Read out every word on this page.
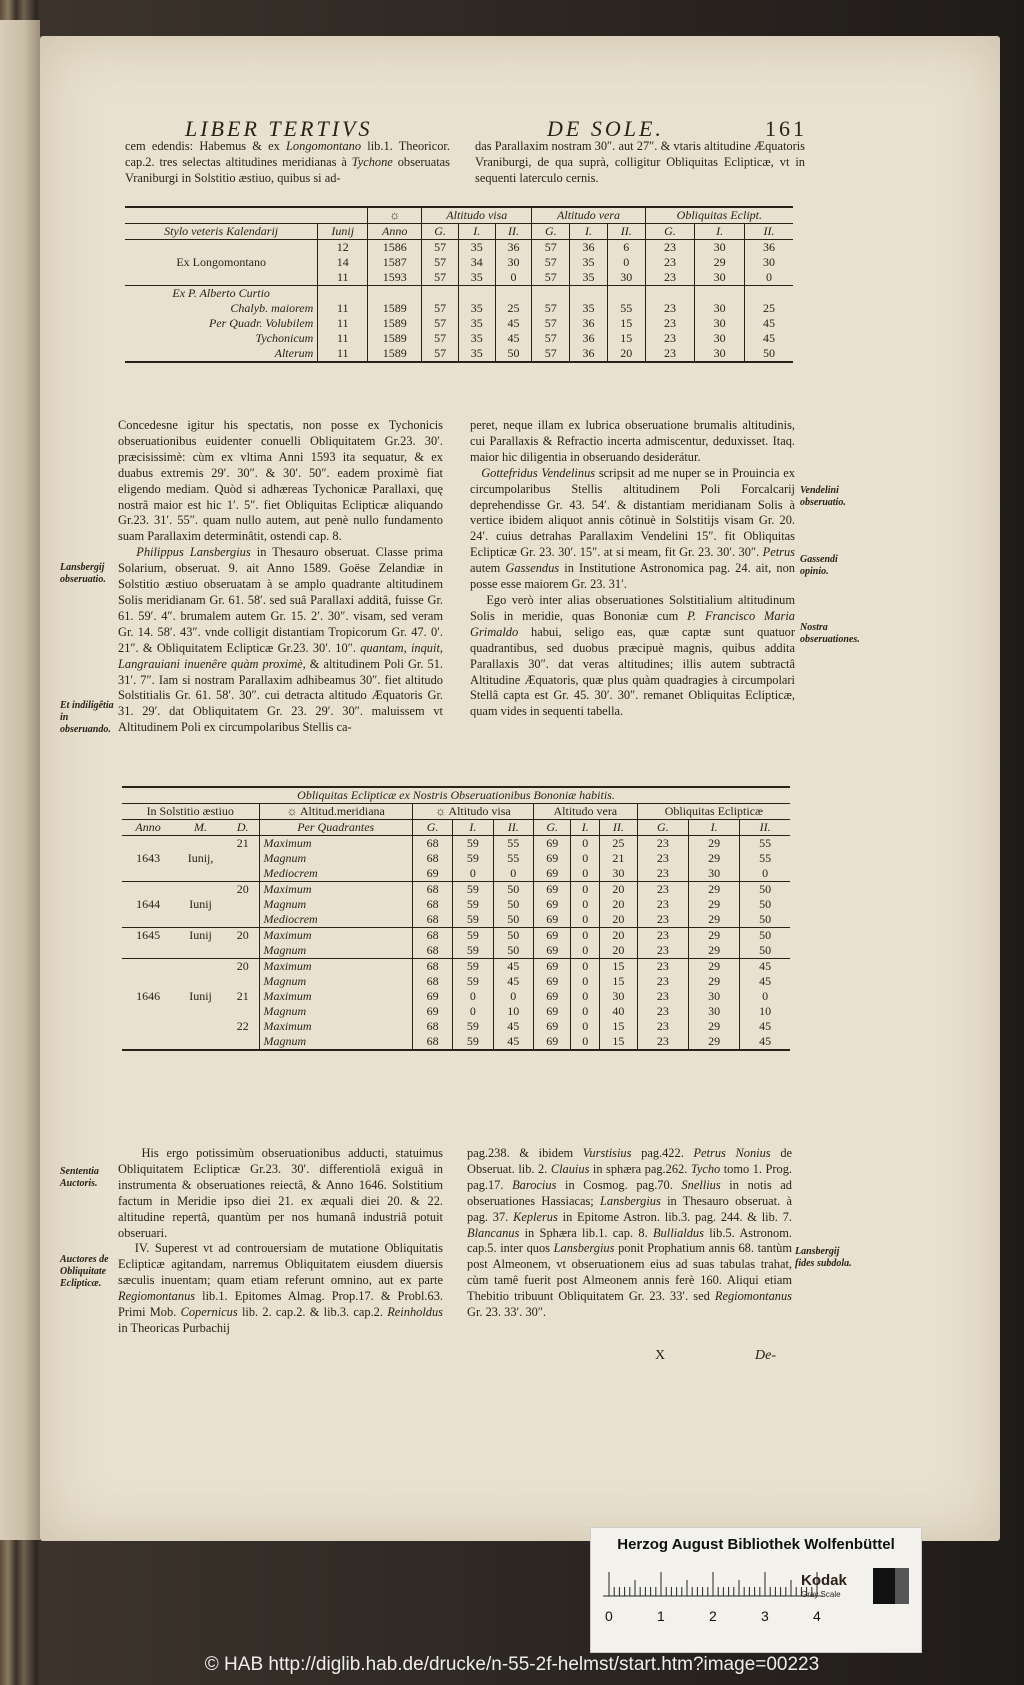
LIBER TERTIVS	DE SOLE.	161
cem edendis: Habemus & ex Longomontano lib.1. Theoricor. cap.2. tres selectas altitudines meridianas à Tychone obseruatas Vraniburgi in Solstitio æstiuo, quibus si ad-
das Parallaxim nostram 30″. aut 27″. & vtaris altitudine Æquatoris Vraniburgi, de qua suprà, colligitur Obliquitas Eclipticæ, vt in sequenti laterculo cernis.
		☼	Altitudo visa			Altitudo vera			Obliquitas Eclipt.		
Stylo veteris Kalendarij	Iunij	Anno	G.	I.	II.	G.	I.	II.	G.	I.	II.
	12	1586	57	35	36	57	36	6	23	30	36
Ex Longomontano	14	1587	57	34	30	57	35	0	23	29	30
	11	1593	57	35	0	57	35	30	23	30	0
Ex P. Alberto Curtio											
Chalyb. maiorem	11	1589	57	35	25	57	35	55	23	30	25
Per Quadr. Volubilem	11	1589	57	35	45	57	36	15	23	30	45
Tychonicum	11	1589	57	35	45	57	36	15	23	30	45
Alterum	11	1589	57	35	50	57	36	20	23	30	50
Concedesne igitur his spectatis, non posse ex Tychonicis obseruationibus euidenter conuelli Obliquitatem Gr.23. 30′. præcisissimè: cùm ex vltima Anni 1593 ita sequatur, & ex duabus extremis 29′. 30″. & 30′. 50″. eadem proximè fiat eligendo mediam. Quòd si adhæreas Tychonicæ Parallaxi, quę nostrâ maior est hic 1′. 5″. fiet Obliquitas Eclipticæ aliquando Gr.23. 31′. 55″. quam nullo autem, aut penè nullo fundamento suam Parallaxim determinâtit, ostendi cap. 8.
Philippus Lansbergius in Thesauro obseruat. Classe prima Solarium, obseruat. 9. ait Anno 1589. Goëse Zelandiæ in Solstitio æstiuo obseruatam à se amplo quadrante altitudinem Solis meridianam Gr. 61. 58′. sed suâ Parallaxi additâ, fuisse Gr. 61. 59′. 4″. brumalem autem Gr. 15. 2′. 30″. visam, sed veram Gr. 14. 58′. 43″. vnde colligit distantiam Tropicorum Gr. 47. 0′. 21″. & Obliquitatem Eclipticæ Gr.23. 30′. 10″. quantam, inquit, Langrauiani inuenêre quàm proximè, & altitudinem Poli Gr. 51. 31′. 7″. Iam si nostram Parallaxim adhibeamus 30″. fiet altitudo Solstitialis Gr. 61. 58′. 30″. cui detracta altitudo Æquatoris Gr. 31. 29′. dat Obliquitatem Gr. 23. 29′. 30″. maluissem vt Altitudinem Poli ex circumpolaribus Stellis ca-
peret, neque illam ex lubrica obseruatione brumalis altitudinis, cui Parallaxis & Refractio incerta admiscentur, deduxisset. Itaq. maior hic diligentia in obseruando desiderátur.
Gottefridus Vendelinus scripsit ad me nuper se in Prouincia ex circumpolaribus Stellis altitudinem Poli Forcalcarij deprehendisse Gr. 43. 54′. & distantiam meridianam Solis à vertice ibidem aliquot annis côtinuè in Solstitijs visam Gr. 20. 24′. cuius detrahas Parallaxim Vendelini 15″. fit Obliquitas Eclipticæ Gr. 23. 30′. 15″. at si meam, fit Gr. 23. 30′. 30″. Petrus autem Gassendus in Institutione Astronomica pag. 24. ait, non posse esse maiorem Gr. 23. 31′.
Ego verò inter alias obseruationes Solstitialium altitudinum Solis in meridie, quas Bononiæ cum P. Francisco Maria Grimaldo habui, seligo eas, quæ captæ sunt quatuor quadrantibus, sed duobus præcipuè magnis, quibus addita Parallaxis 30″. dat veras altitudines; illis autem subtractâ Altitudine Æquatoris, quæ plus quàm quadragies à circumpolari Stellâ capta est Gr. 45. 30′. 30″. remanet Obliquitas Eclipticæ, quam vides in sequenti tabella.
Lansbergij obseruatio.
Et indiligêtia in obseruando.
Vendelini obseruatio.
Gassendi opinio.
Nostra obseruationes.
Sententia Auctoris.
Auctores de Obliquitate Eclipticæ.
Lansbergij fides subdola.
Obliquitas Eclipticæ ex Nostris Obseruationibus Bononiæ habitis.												
In Solstitio æstiuo			☼ Altitud.meridiana	☼ Altitudo visa			Altitudo vera			Obliquitas Eclipticæ		
Anno	M.	D.	Per Quadrantes	G.	I.	II.	G.	I.	II.	G.	I.	II.
		21	Maximum	68	59	55	69	0	25	23	29	55
1643	Iunij,		Magnum	68	59	55	69	0	21	23	29	55
			Mediocrem	69	0	0	69	0	30	23	30	0
		20	Maximum	68	59	50	69	0	20	23	29	50
1644	Iunij		Magnum	68	59	50	69	0	20	23	29	50
			Mediocrem	68	59	50	69	0	20	23	29	50
1645	Iunij	20	Maximum	68	59	50	69	0	20	23	29	50
			Magnum	68	59	50	69	0	20	23	29	50
		20	Maximum	68	59	45	69	0	15	23	29	45
			Magnum	68	59	45	69	0	15	23	29	45
1646	Iunij	21	Maximum	69	0	0	69	0	30	23	30	0
			Magnum	69	0	10	69	0	40	23	30	10
		22	Maximum	68	59	45	69	0	15	23	29	45
			Magnum	68	59	45	69	0	15	23	29	45
His ergo potissimùm obseruationibus adducti, statuimus Obliquitatem Eclipticæ Gr.23. 30′. differentiolâ exiguâ in instrumenta & obseruationes reiectâ, & Anno 1646. Solstitium factum in Meridie ipso diei 21. ex æquali diei 20. & 22. altitudine repertâ, quantùm per nos humanâ industriâ potuit obseruari.
IV. Superest vt ad controuersiam de mutatione Obliquitatis Eclipticæ agitandam, narremus Obliquitatem eiusdem diuersis sæculis inuentam; quam etiam referunt omnino, aut ex parte Regiomontanus lib.1. Epitomes Almag. Prop.17. & Probl.63. Primi Mob. Copernicus lib. 2. cap.2. & lib.3. cap.2. Reinholdus in Theoricas Purbachij
pag.238. & ibidem Vurstisius pag.422. Petrus Nonius de Obseruat. lib. 2. Clauius in sphæra pag.262. Tycho tomo 1. Prog. pag.17. Barocius in Cosmog. pag.70. Snellius in notis ad obseruationes Hassiacas; Lansbergius in Thesauro obseruat. à pag. 37. Keplerus in Epitome Astron. lib.3. pag. 244. & lib. 7. Blancanus in Sphæra lib.1. cap. 8. Bullialdus lib.5. Astronom. cap.5. inter quos Lansbergius ponit Prophatium annis 68. tantùm post Almeonem, vt obseruationem eius ad suas tabulas trahat, cùm tamê fuerit post Almeonem annis ferè 160. Aliqui etiam Thebitio tribuunt Obliquitatem Gr. 23. 33′. sed Regiomontanus Gr. 23. 33′. 30″.
X	De-
Herzog August Bibliothek Wolfenbüttel
Kodak
Gray Scale
0	1	2	3	4
© HAB http://diglib.hab.de/drucke/n-55-2f-helmst/start.htm?image=00223
